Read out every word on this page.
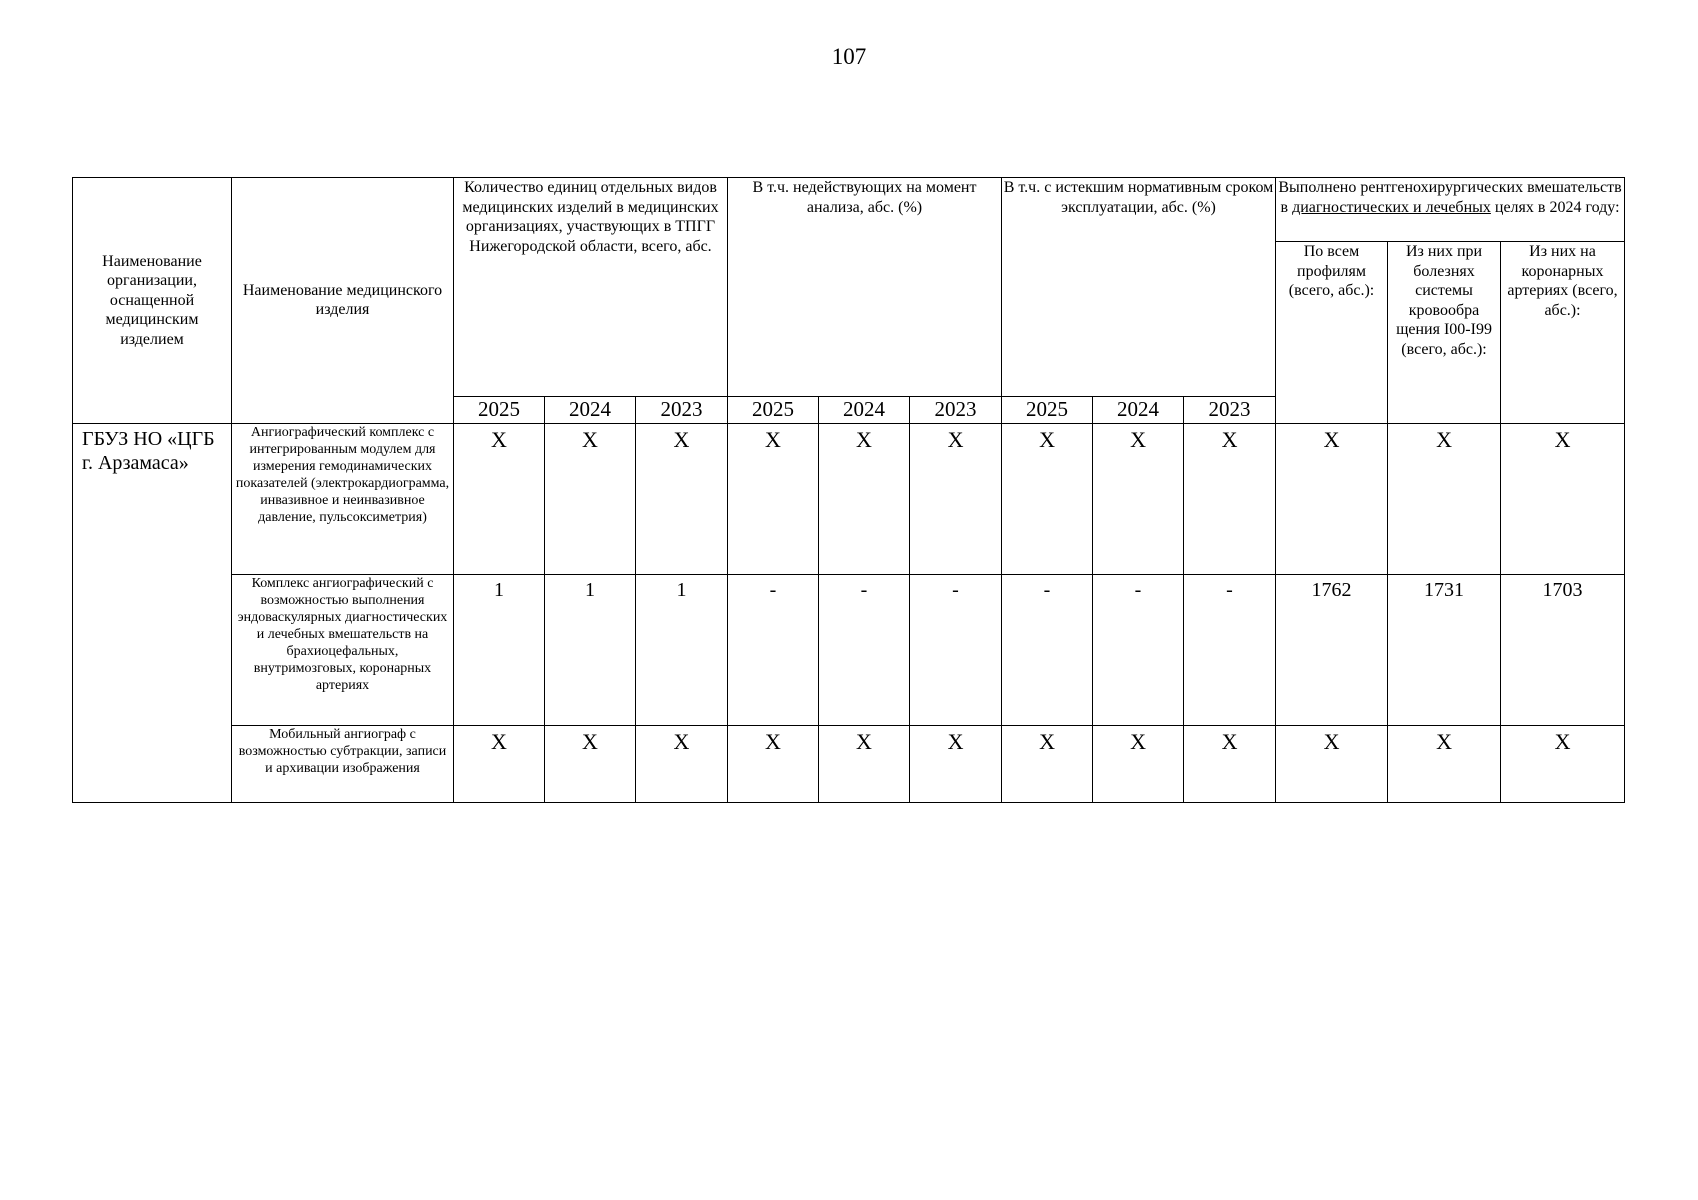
107
Наименование организации, оснащенной медицинским изделием	Наименование медицинского изделия	Количество единиц отдельных видов медицинских изделий в медицинских организациях, участвующих в ТПГГ Нижегородской области, всего, абс.			В т.ч. недействующих на момент анализа, абс. (%)			В т.ч. с истекшим нормативным сроком эксплуатации, абс. (%)			Выполнено рентгенохирургических вмешательств в диагностических и лечебных целях в 2024 году:		
											По всем профилям (всего, абс.):	Из них при болезнях системы кровообра щения I00-I99 (всего, абс.):	Из них на коронарных артериях (всего, абс.):
		2025	2024	2023	2025	2024	2023	2025	2024	2023			
ГБУЗ НО «ЦГБ г. Арзамаса»	Ангиографический комплекс с интегрированным модулем для измерения гемодинамических показателей (электрокардиограмма, инвазивное и неинвазивное давление, пульсоксиметрия)	X	X	X	X	X	X	X	X	X	X	X	X
	Комплекс ангиографический с возможностью выполнения эндоваскулярных диагностических и лечебных вмешательств на брахиоцефальных, внутримозговых, коронарных артериях	1	1	1	-	-	-	-	-	-	1762	1731	1703
	Мобильный ангиограф с возможностью субтракции, записи и архивации изображения	X	X	X	X	X	X	X	X	X	X	X	X
